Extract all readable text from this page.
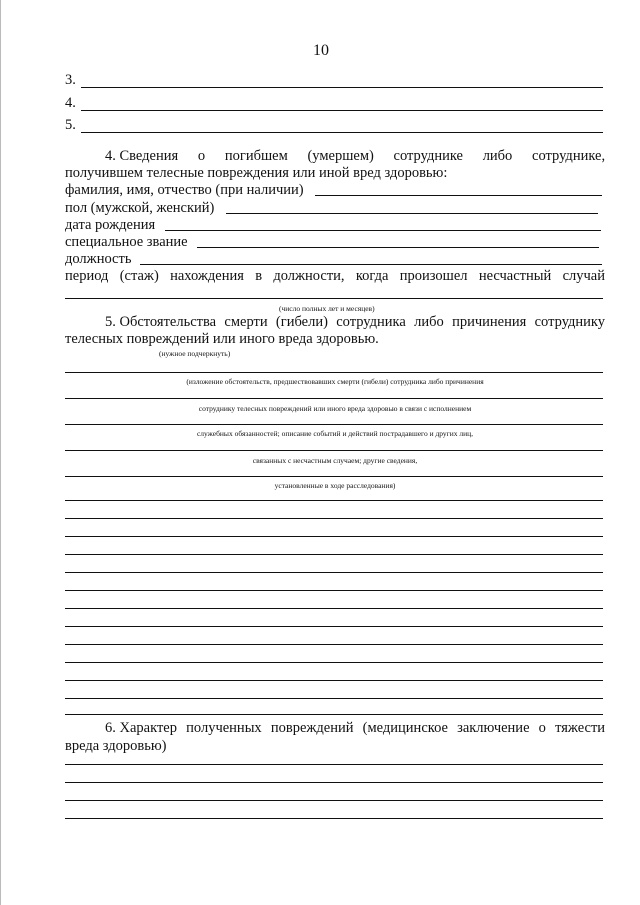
10
3.
4.
5.
4. Сведения о погибшем (умершем) сотруднике либо сотруднике,
получившем телесные повреждения или иной вред здоровью:
фамилия, имя, отчество (при наличии)
пол (мужской, женский)
дата рождения
специальное звание
должность
период (стаж) нахождения в должности, когда произошел несчастный случай
(число полных лет и месяцев)
5. Обстоятельства смерти (гибели) сотрудника либо причинения сотруднику
телесных повреждений или иного вреда здоровью.
(нужное подчеркнуть)
(изложение обстоятельств, предшествовавших смерти (гибели) сотрудника либо причинения
сотруднику телесных повреждений или иного вреда здоровью в связи с исполнением
служебных обязанностей; описание событий и действий пострадавшего и других лиц,
связанных с несчастным случаем; другие сведения,
установленные в ходе расследования)
6. Характер полученных повреждений (медицинское заключение о тяжести
вреда здоровью)
